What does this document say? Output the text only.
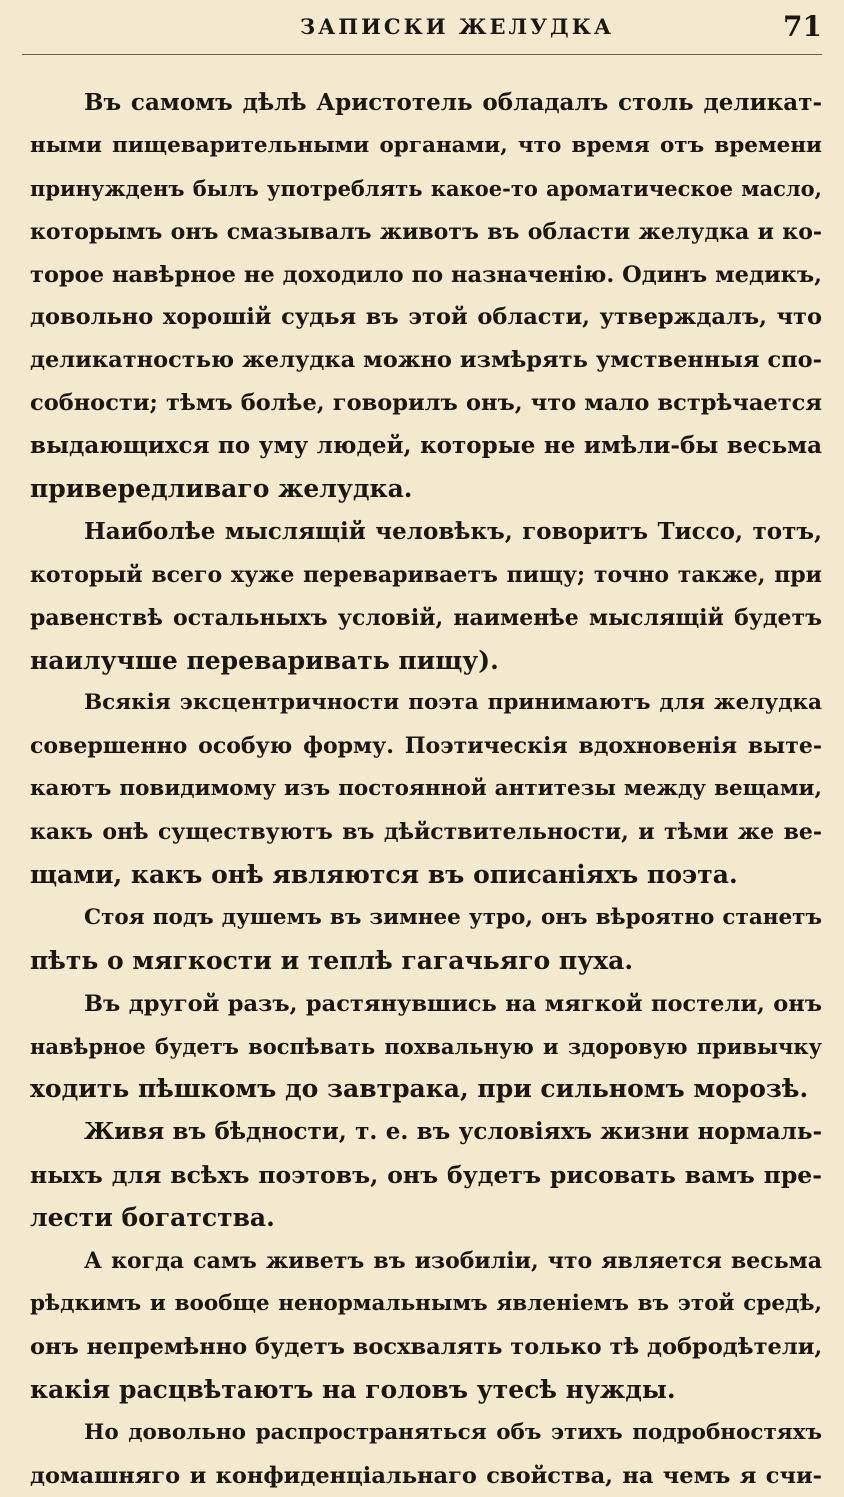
ЗАПИСКИ ЖЕЛУДКА	71
Въ самомъ дѣлѣ Аристотель обладалъ столь деликат-
ными пищеварительными органами, что время отъ времени
принужденъ былъ употреблять какое-то ароматическое масло,
которымъ онъ смазывалъ животъ въ области желудка и ко-
торое навѣрное не доходило по назначенію. Одинъ медикъ,
довольно хорошій судья въ этой области, утверждалъ, что
деликатностью желудка можно измѣрять умственныя спо-
собности; тѣмъ болѣе, говорилъ онъ, что мало встрѣчается
выдающихся по уму людей, которые не имѣли-бы весьма
привередливаго желудка.
Наиболѣе мыслящій человѣкъ, говоритъ Тиссо, тотъ,
который всего хуже перевариваетъ пищу; точно также, при
равенствѣ остальныхъ условій, наименѣе мыслящій будетъ
наилучше переваривать пищу).
Всякія эксцентричности поэта принимаютъ для желудка
совершенно особую форму. Поэтическія вдохновенія выте-
каютъ повидимому изъ постоянной антитезы между вещами,
какъ онѣ существуютъ въ дѣйствительности, и тѣми же ве-
щами, какъ онѣ являются въ описаніяхъ поэта.
Стоя подъ душемъ въ зимнее утро, онъ вѣроятно станетъ
пѣть о мягкости и теплѣ гагачьяго пуха.
Въ другой разъ, растянувшись на мягкой постели, онъ
навѣрное будетъ воспѣвать похвальную и здоровую привычку
ходить пѣшкомъ до завтрака, при сильномъ морозѣ.
Живя въ бѣдности, т. е. въ условіяхъ жизни нормаль-
ныхъ для всѣхъ поэтовъ, онъ будетъ рисовать вамъ пре-
лести богатства.
А когда самъ живетъ въ изобиліи, что является весьма
рѣдкимъ и вообще ненормальнымъ явленіемъ въ этой средѣ,
онъ непремѣнно будетъ восхвалять только тѣ добродѣтели,
какія расцвѣтаютъ на головъ утесѣ нужды.
Но довольно распространяться объ этихъ подробностяхъ
домашняго и конфиденціальнаго свойства, на чемъ я счи-
